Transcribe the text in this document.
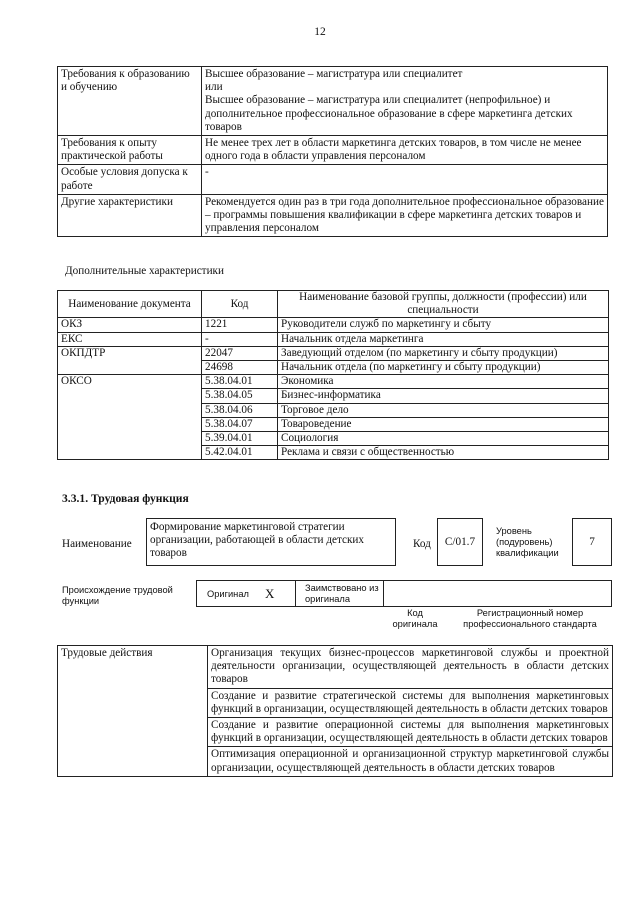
12
Требования к образованию и обучению	Высшее образование – магистратура или специалитет
или
Высшее образование – магистратура или специалитет (непрофильное) и дополнительное профессиональное образование в сфере маркетинга детских товаров

Требования к опыту практической работы	Не менее трех лет в области маркетинга детских товаров, в том числе не менее одного года в области управления персоналом

Особые условия допуска к работе	-

Другие характеристики	Рекомендуется один раз в три года дополнительное профессиональное образование – программы повышения квалификации в сфере маркетинга детских товаров и управления персоналом
Дополнительные характеристики
Наименование документа	Код	Наименование базовой группы, должности (профессии) или специальности
ОКЗ	1221	Руководители служб по маркетингу и сбыту
ЕКС	-	Начальник отдела маркетинга
ОКПДТР	22047	Заведующий отделом (по маркетингу и сбыту продукции)
	24698	Начальник отдела (по маркетингу и сбыту продукции)
ОКСО	5.38.04.01	Экономика
	5.38.04.05	Бизнес-информатика
	5.38.04.06	Торговое дело
	5.38.04.07	Товароведение
	5.39.04.01	Социология
	5.42.04.01	Реклама и связи с общественностью
3.3.1. Трудовая функция
Наименование
Формирование маркетинговой стратегии организации, работающей в области детских товаров
Код	C/01.7
Уровень (подуровень) квалификации
7
Происхождение трудовой функции
Оригинал X	Заимствовано из оригинала
Код оригинала
Регистрационный номер профессионального стандарта
Трудовые действия	Организация текущих бизнес-процессов маркетинговой службы и проектной деятельности организации, осуществляющей деятельность в области детских товаров
Создание и развитие стратегической системы для выполнения маркетинговых функций в организации, осуществляющей деятельность в области детских товаров
Создание и развитие операционной системы для выполнения маркетинговых функций в организации, осуществляющей деятельность в области детских товаров
Оптимизация операционной и организационной структур маркетинговой службы организации, осуществляющей деятельность в области детских товаров
